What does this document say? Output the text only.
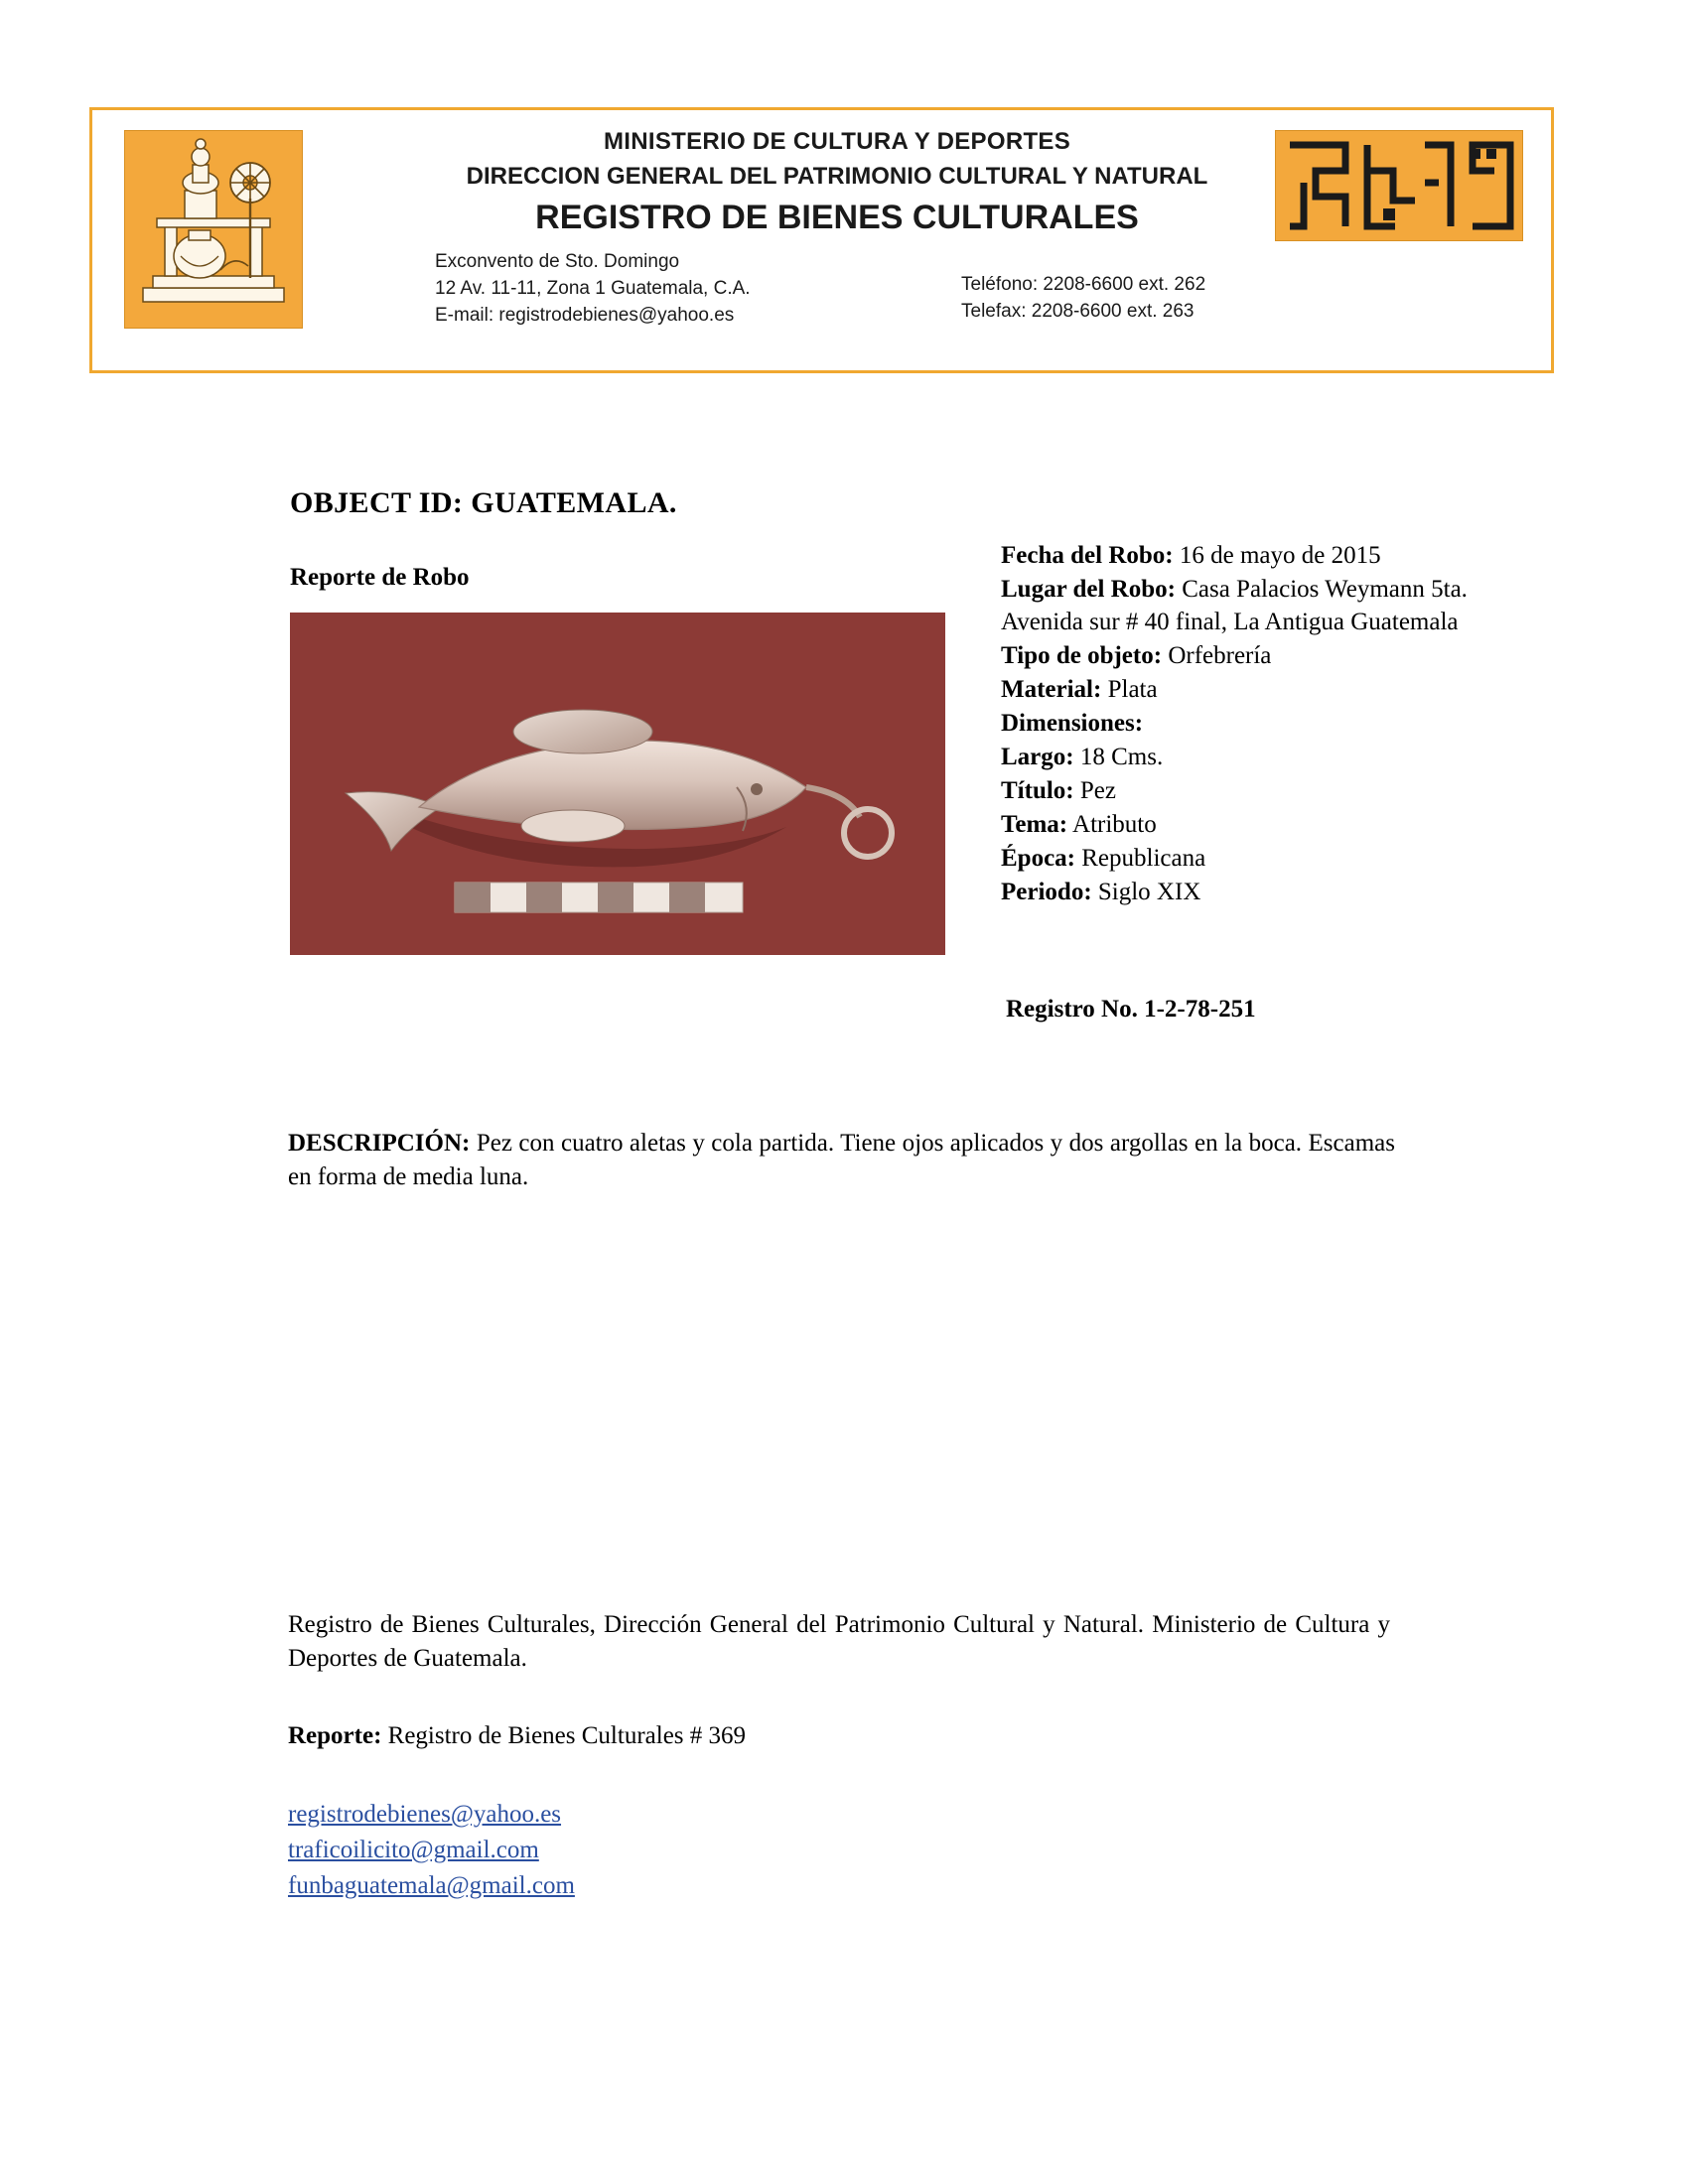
MINISTERIO DE CULTURA Y DEPORTES
DIRECCION GENERAL DEL PATRIMONIO CULTURAL Y NATURAL
REGISTRO DE BIENES CULTURALES
Exconvento de Sto. Domingo
12 Av. 11-11, Zona 1 Guatemala, C.A.
E-mail: registrodebienes@yahoo.es
Teléfono: 2208-6600 ext. 262
Telefax: 2208-6600 ext. 263
OBJECT ID: GUATEMALA.
Reporte de Robo
Fecha del Robo: 16 de mayo de 2015
Lugar del Robo: Casa Palacios Weymann 5ta. Avenida sur # 40 final, La Antigua Guatemala
Tipo de objeto: Orfebrería
Material: Plata
Dimensiones:
Largo: 18 Cms.
Título: Pez
Tema: Atributo
Época: Republicana
Periodo: Siglo XIX
Registro No. 1-2-78-251
DESCRIPCIÓN: Pez con cuatro aletas y cola partida. Tiene ojos aplicados y dos argollas en la boca. Escamas en forma de media luna.
Registro de Bienes Culturales, Dirección General del Patrimonio Cultural y Natural. Ministerio de Cultura y Deportes de Guatemala.
Reporte: Registro de Bienes Culturales # 369
registrodebienes@yahoo.es
traficoilicito@gmail.com
funbaguatemala@gmail.com
